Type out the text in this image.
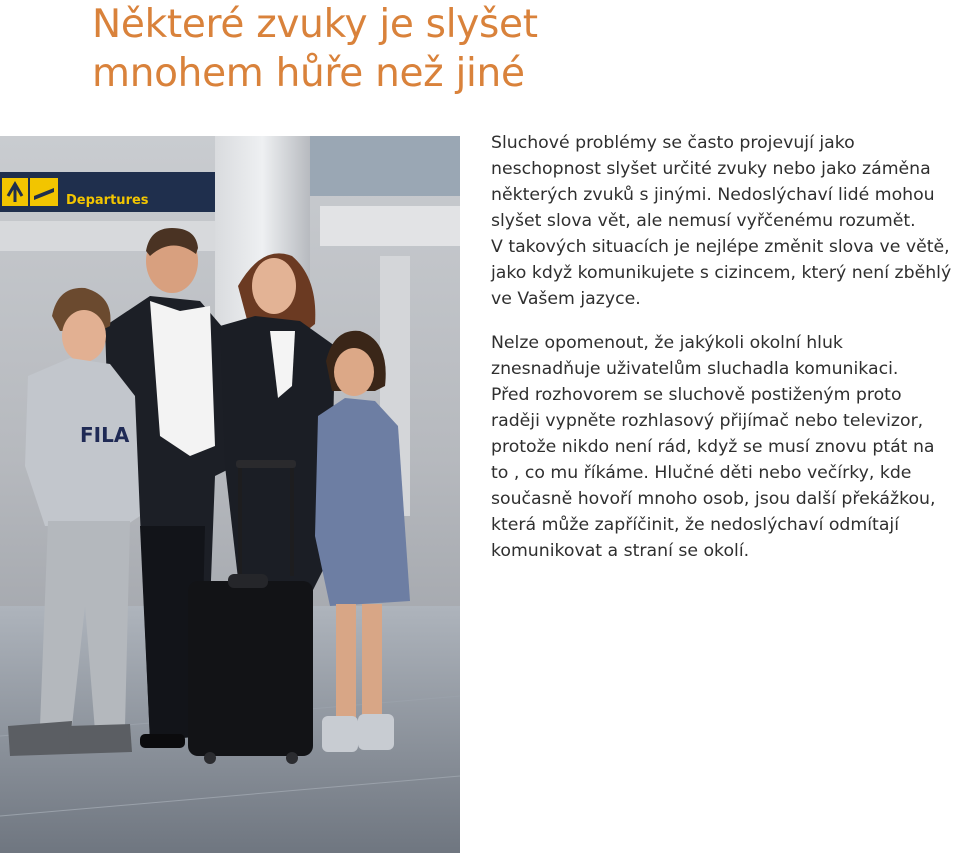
Některé zvuky je slyšet
mnohem hůře než jiné
Departures
FILA

Sluchové problémy se často projevují jako
neschopnost slyšet určité zvuky nebo jako záměna
některých zvuků s jinými. Nedoslýchaví lidé mohou
slyšet slova vět, ale nemusí vyřčenému rozumět.
V takových situacích je nejlépe změnit slova ve větě,
jako když komunikujete s cizincem, který není zběhlý
ve Vašem jazyce.

Nelze opomenout, že jakýkoli okolní hluk
znesnadňuje uživatelům sluchadla komunikaci.
Před rozhovorem se sluchově postiženým proto
raději vypněte rozhlasový přijímač nebo televizor,
protože nikdo není rád, když se musí znovu ptát na
to , co mu říkáme. Hlučné děti nebo večírky, kde
současně hovoří mnoho osob, jsou další překážkou,
která může zapříčinit, že nedoslýchaví odmítají
komunikovat a straní se okolí.
